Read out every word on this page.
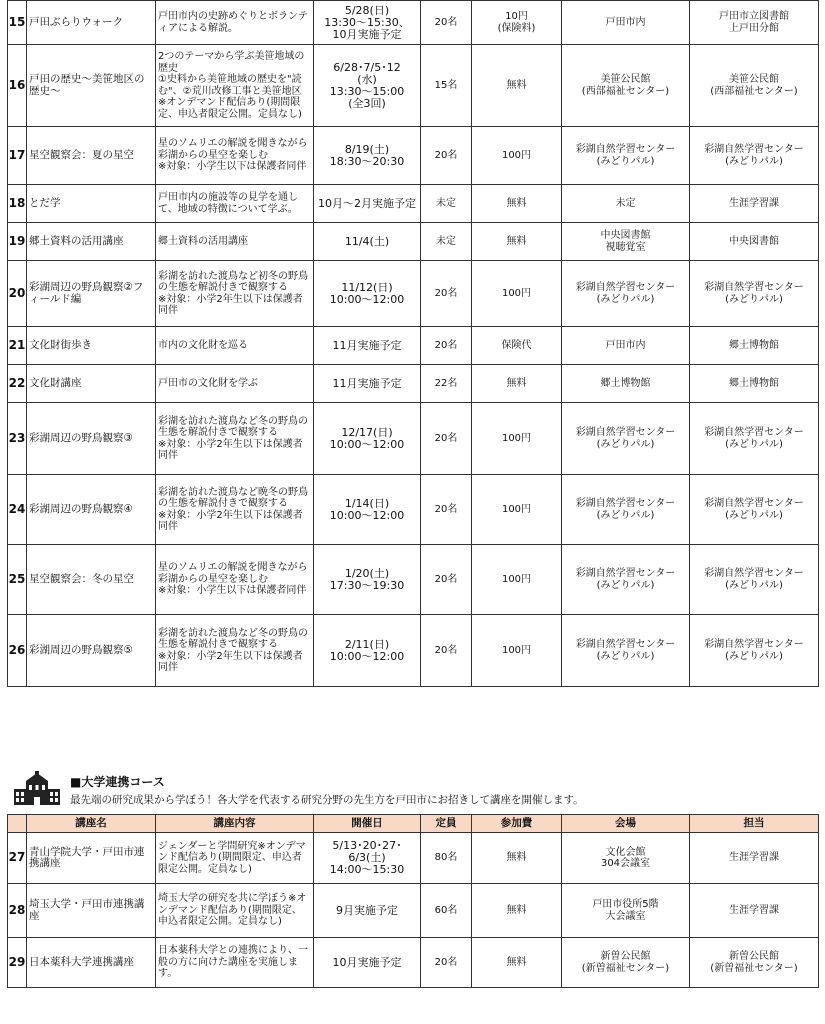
15	戸田ぶらりウォーク	戸田市内の史跡めぐりとボランティアによる解説。	5/28(日)
13:30～15:30、
10月実施予定	20名	10円
(保険料)	戸田市内	戸田市立図書館
上戸田分館
16	戸田の歴史～美笹地区の歴史～	2つのテーマから学ぶ美笹地域の歴史
①史料から美笹地域の歴史を"読む"、②荒川改修工事と美笹地区
※オンデマンド配信あり(期間限定、申込者限定公開。定員なし)	6/28･7/5･12
(水)
13:30～15:00
(全3回)	15名	無料	美笹公民館
(西部福祉センター)	美笹公民館
(西部福祉センター)
17	星空観察会：夏の星空	星のソムリエの解説を聞きながら彩湖からの星空を楽しむ
※対象：小学生以下は保護者同伴	8/19(土)
18:30～20:30	20名	100円	彩湖自然学習センター
(みどりパル)	彩湖自然学習センター
(みどりパル)
18	とだ学	戸田市内の施設等の見学を通して、地域の特徴について学ぶ。	10月～2月実施予定	未定	無料	未定	生涯学習課
19	郷土資料の活用講座	郷土資料の活用講座	11/4(土)	未定	無料	中央図書館
視聴覚室	中央図書館
20	彩湖周辺の野鳥観察②フィールド編	彩湖を訪れた渡鳥など初冬の野鳥の生態を解説付きで観察する
※対象：小学2年生以下は保護者同伴	11/12(日)
10:00～12:00	20名	100円	彩湖自然学習センター
(みどりパル)	彩湖自然学習センター
(みどりパル)
21	文化財街歩き	市内の文化財を巡る	11月実施予定	20名	保険代	戸田市内	郷土博物館
22	文化財講座	戸田市の文化財を学ぶ	11月実施予定	22名	無料	郷土博物館	郷土博物館
23	彩湖周辺の野鳥観察③	彩湖を訪れた渡鳥など冬の野鳥の生態を解説付きで観察する
※対象：小学2年生以下は保護者同伴	12/17(日)
10:00～12:00	20名	100円	彩湖自然学習センター
(みどりパル)	彩湖自然学習センター
(みどりパル)
24	彩湖周辺の野鳥観察④	彩湖を訪れた渡鳥など晩冬の野鳥の生態を解説付きで観察する
※対象：小学2年生以下は保護者同伴	1/14(日)
10:00～12:00	20名	100円	彩湖自然学習センター
(みどりパル)	彩湖自然学習センター
(みどりパル)
25	星空観察会：冬の星空	星のソムリエの解説を聞きながら彩湖からの星空を楽しむ
※対象：小学生以下は保護者同伴	1/20(土)
17:30～19:30	20名	100円	彩湖自然学習センター
(みどりパル)	彩湖自然学習センター
(みどりパル)
26	彩湖周辺の野鳥観察⑤	彩湖を訪れた渡鳥など冬の野鳥の生態を解説付きで観察する
※対象：小学2年生以下は保護者同伴	2/11(日)
10:00～12:00	20名	100円	彩湖自然学習センター
(みどりパル)	彩湖自然学習センター
(みどりパル)
■大学連携コース
最先端の研究成果から学ぼう！各大学を代表する研究分野の先生方を戸田市にお招きして講座を開催します。
	講座名	講座内容	開催日	定員	参加費	会場	担当
27	青山学院大学・戸田市連携講座	ジェンダーと学問研究※オンデマンド配信あり(期間限定、申込者限定公開。定員なし)	5/13･20･27･
6/3(土)
14:00～15:30	80名	無料	文化会館
304会議室	生涯学習課
28	埼玉大学・戸田市連携講座	埼玉大学の研究を共に学ぼう※オンデマンド配信あり(期間限定、申込者限定公開。定員なし)	9月実施予定	60名	無料	戸田市役所5階
大会議室	生涯学習課
29	日本薬科大学連携講座	日本薬科大学との連携により、一般の方に向けた講座を実施します。	10月実施予定	20名	無料	新曽公民館
(新曽福祉センター)	新曽公民館
(新曽福祉センター)
